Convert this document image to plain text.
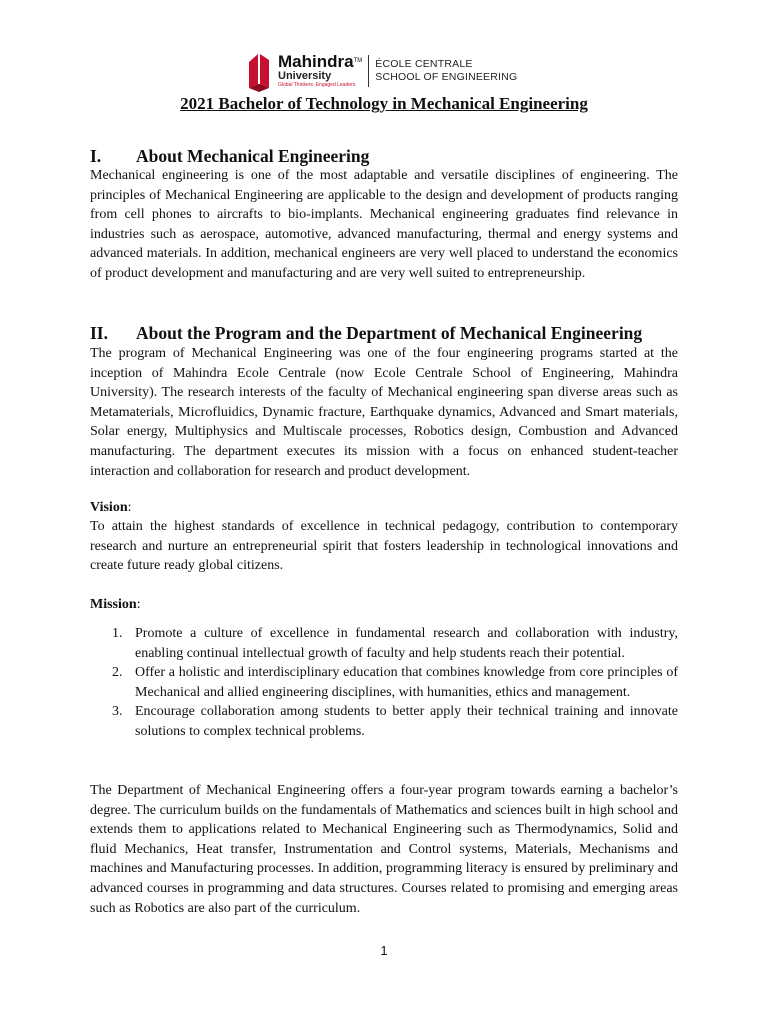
Mahindra™
University
Global Thinkers. Engaged Leaders.
ÉCOLE CENTRALE
SCHOOL OF ENGINEERING
2021 Bachelor of Technology in Mechanical Engineering
I. About Mechanical Engineering

Mechanical engineering is one of the most adaptable and versatile disciplines of engineering. The principles of Mechanical Engineering are applicable to the design and development of products ranging from cell phones to aircrafts to bio-implants. Mechanical engineering graduates find relevance in industries such as aerospace, automotive, advanced manufacturing, thermal and energy systems and advanced materials. In addition, mechanical engineers are very well placed to understand the economics of product development and manufacturing and are very well suited to entrepreneurship.

II. About the Program and the Department of Mechanical Engineering

The program of Mechanical Engineering was one of the four engineering programs started at the inception of Mahindra Ecole Centrale (now Ecole Centrale School of Engineering, Mahindra University). The research interests of the faculty of Mechanical engineering span diverse areas such as Metamaterials, Microfluidics, Dynamic fracture, Earthquake dynamics, Advanced and Smart materials, Solar energy, Multiphysics and Multiscale processes, Robotics design, Combustion and Advanced manufacturing. The department executes its mission with a focus on enhanced student-teacher interaction and collaboration for research and product development.

Vision:

To attain the highest standards of excellence in technical pedagogy, contribution to contemporary research and nurture an entrepreneurial spirit that fosters leadership in technological innovations and create future ready global citizens.

Mission:
1. Promote a culture of excellence in fundamental research and collaboration with industry, enabling continual intellectual growth of faculty and help students reach their potential.
2. Offer a holistic and interdisciplinary education that combines knowledge from core principles of Mechanical and allied engineering disciplines, with humanities, ethics and management.
3. Encourage collaboration among students to better apply their technical training and innovate solutions to complex technical problems.

The Department of Mechanical Engineering offers a four-year program towards earning a bachelor’s degree. The curriculum builds on the fundamentals of Mathematics and sciences built in high school and extends them to applications related to Mechanical Engineering such as Thermodynamics, Solid and fluid Mechanics, Heat transfer, Instrumentation and Control systems, Materials, Mechanisms and machines and Manufacturing processes. In addition, programming literacy is ensured by preliminary and advanced courses in programming and data structures. Courses related to promising and emerging areas such as Robotics are also part of the curriculum.

1
